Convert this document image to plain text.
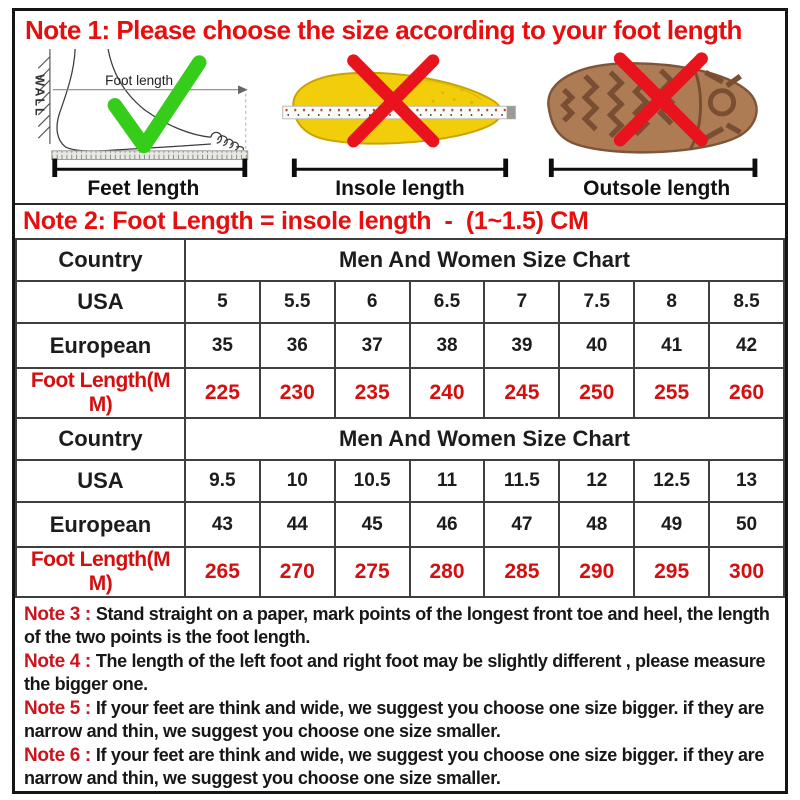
Note 1: Please choose the size according to your foot length
WALL	Foot length
Feet length	Insole length	Outsole length
Note 2: Foot Length = insole length  -  (1~1.5) CM
Country	Men And Women Size Chart							
USA	5	5.5	6	6.5	7	7.5	8	8.5
European	35	36	37	38	39	40	41	42
Foot Length(M M)	225	230	235	240	245	250	255	260
Country	Men And Women Size Chart							
USA	9.5	10	10.5	11	11.5	12	12.5	13
European	43	44	45	46	47	48	49	50
Foot Length(M M)	265	270	275	280	285	290	295	300

Note 3 : Stand straight on a paper, mark points of the longest front toe and heel, the length of the two points is the foot length.

Note 4 : The length of the left foot and right foot may be slightly different , please measure the bigger one.

Note 5 : If your feet are think and wide, we suggest you choose one size bigger. if they are narrow and thin, we suggest you choose one size smaller.

Note 6 : If your feet are think and wide, we suggest you choose one size bigger. if they are narrow and thin, we suggest you choose one size smaller.
